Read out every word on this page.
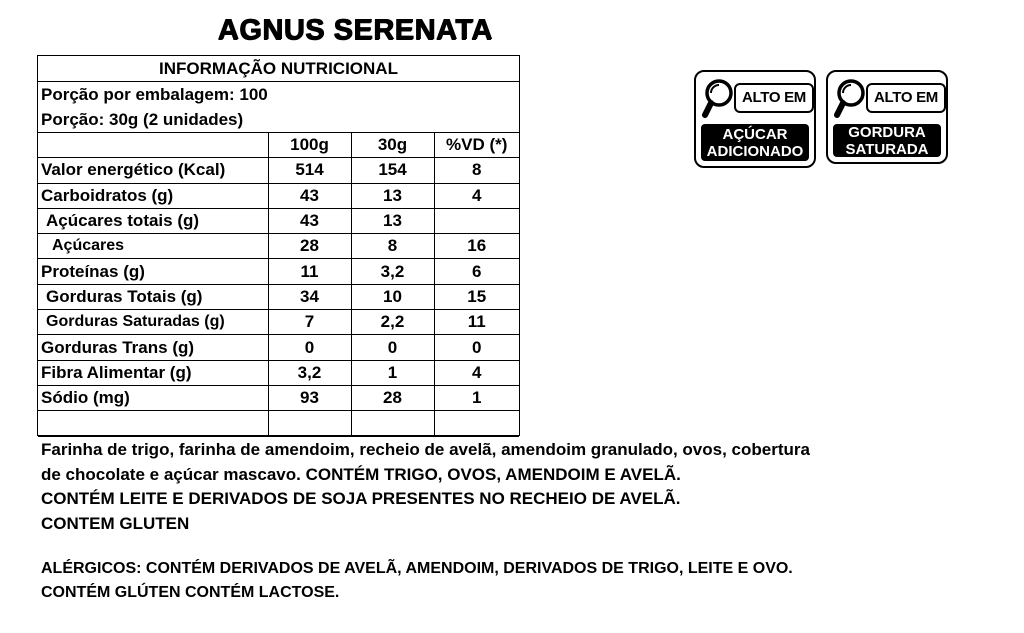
AGNUS SERENATA
INFORMAÇÃO NUTRICIONAL
Porção por embalagem: 100
Porção: 30g (2 unidades)
	100g	30g	%VD (*)
Valor energético (Kcal)	514	154	8
Carboidratos (g)	43	13	4
Açúcares totais (g)	43	13	
Açúcares	28	8	16
Proteínas (g)	11	3,2	6
Gorduras Totais (g)	34	10	15
Gorduras Saturadas (g)	7	2,2	11
Gorduras Trans (g)	0	0	0
Fibra Alimentar (g)	3,2	1	4
Sódio (mg)	93	28	1

Farinha de trigo, farinha de amendoim, recheio de avelã, amendoim granulado, ovos, cobertura
de chocolate e açúcar mascavo. CONTÉM TRIGO, OVOS, AMENDOIM E AVELÃ.
CONTÉM LEITE E DERIVADOS DE SOJA PRESENTES NO RECHEIO DE AVELÃ.
CONTEM GLUTEN
ALÉRGICOS: CONTÉM DERIVADOS DE AVELÃ, AMENDOIM, DERIVADOS DE TRIGO, LEITE E OVO.
CONTÉM GLÚTEN CONTÉM LACTOSE.
ALTO EM
AÇÚCAR
ADICIONADO
ALTO EM
GORDURA
SATURADA
